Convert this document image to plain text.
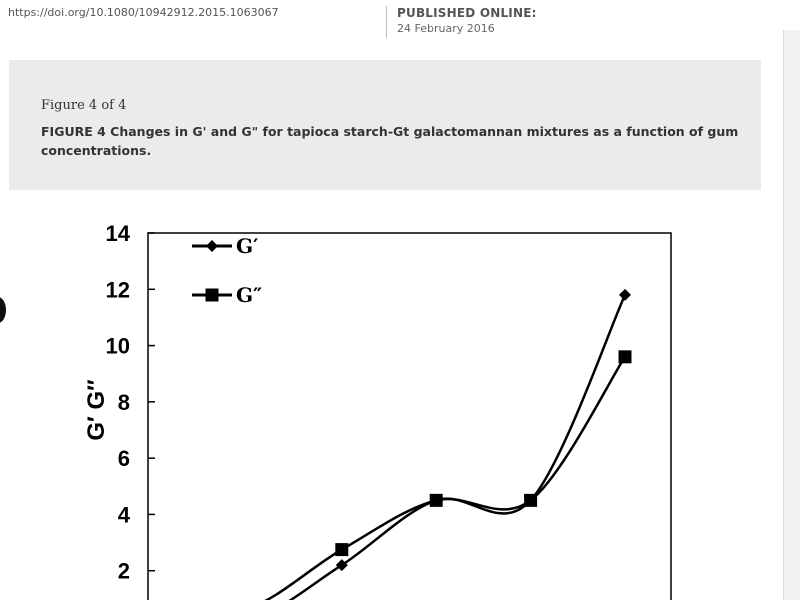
https://doi.org/10.1080/10942912.2015.1063067	PUBLISHED ONLINE:
24 February 2016
Figure 4 of 4
FIGURE 4 Changes in G' and G" for tapioca starch-Gt galactomannan mixtures as a function of gum concentrations.
2
4
6
8
10
12
14
G′ G″
G′
G″
